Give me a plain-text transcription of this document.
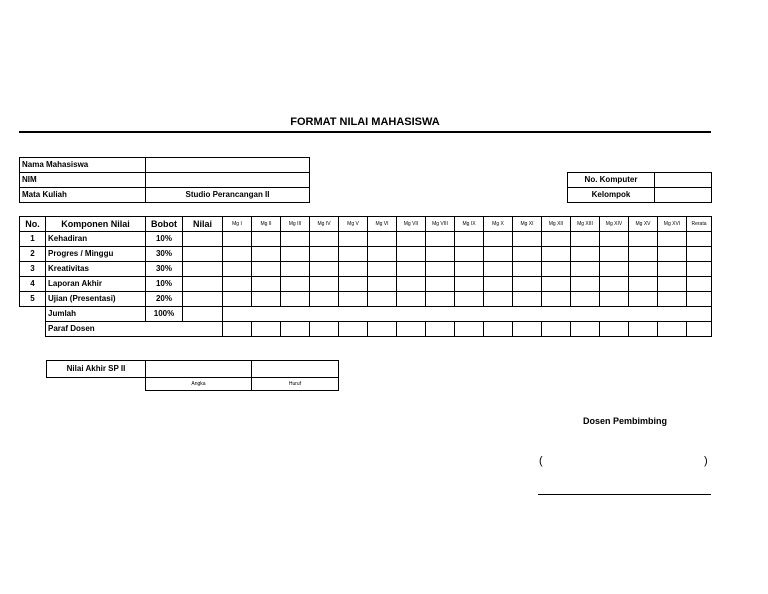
FORMAT NILAI MAHASISWA
Nama Mahasiswa	
NIM	
Mata Kuliah	Studio Perancangan II
No. Komputer	
Kelompok	
No.	Komponen Nilai	Bobot	Nilai	Mg I	Mg II	Mg III	Mg IV	Mg V	Mg VI	Mg VII	Mg VIII	Mg IX	Mg X	Mg XI	Mg XII	Mg XIII	Mg XIV	Mg XV	Mg XVI	Rerata
1	Kehadiran	10%																		
2	Progres / Minggu	30%																		
3	Kreativitas	30%																		
4	Laporan Akhir	10%																		
5	Ujian (Presentasi)	20%																		
	Jumlah	100%																		
	Paraf Dosen																			
Nilai Akhir SP II		
	Angka	Huruf
Dosen Pembimbing
(	)
